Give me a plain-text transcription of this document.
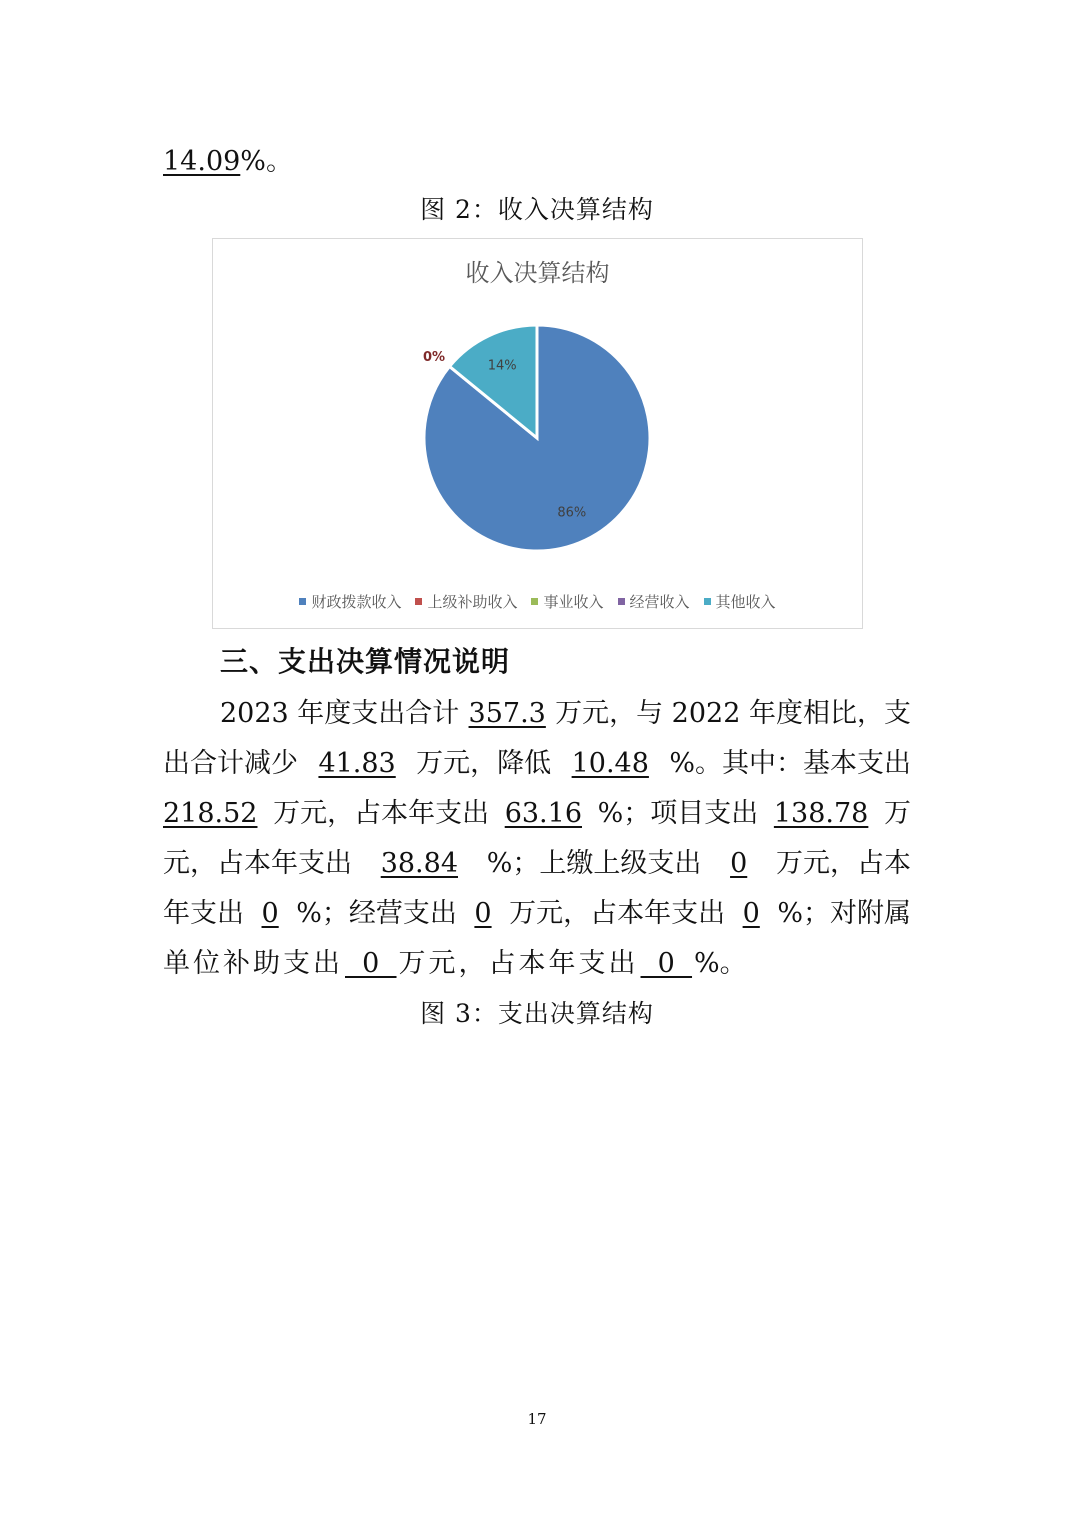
14.09%。
图 2：收入决算结构
收入决算结构
86%
0%
14%
财政拨款收入 上级补助收入 事业收入 经营收入 其他收入
三、支出决算情况说明
2023 年度支出合计 357.3 万元，与 2022 年度相比，支
出合计减少 41.83 万元，降低 10.48 %。其中：基本支出
218.52 万元，占本年支出 63.16 %；项目支出 138.78 万
元，占本年支出 38.84 %；上缴上级支出 0 万元，占本
年支出 0 %；经营支出 0 万元，占本年支出 0 %；对附属
单位补助支出 0 万元，占本年支出 0 %。
图 3：支出决算结构
17
